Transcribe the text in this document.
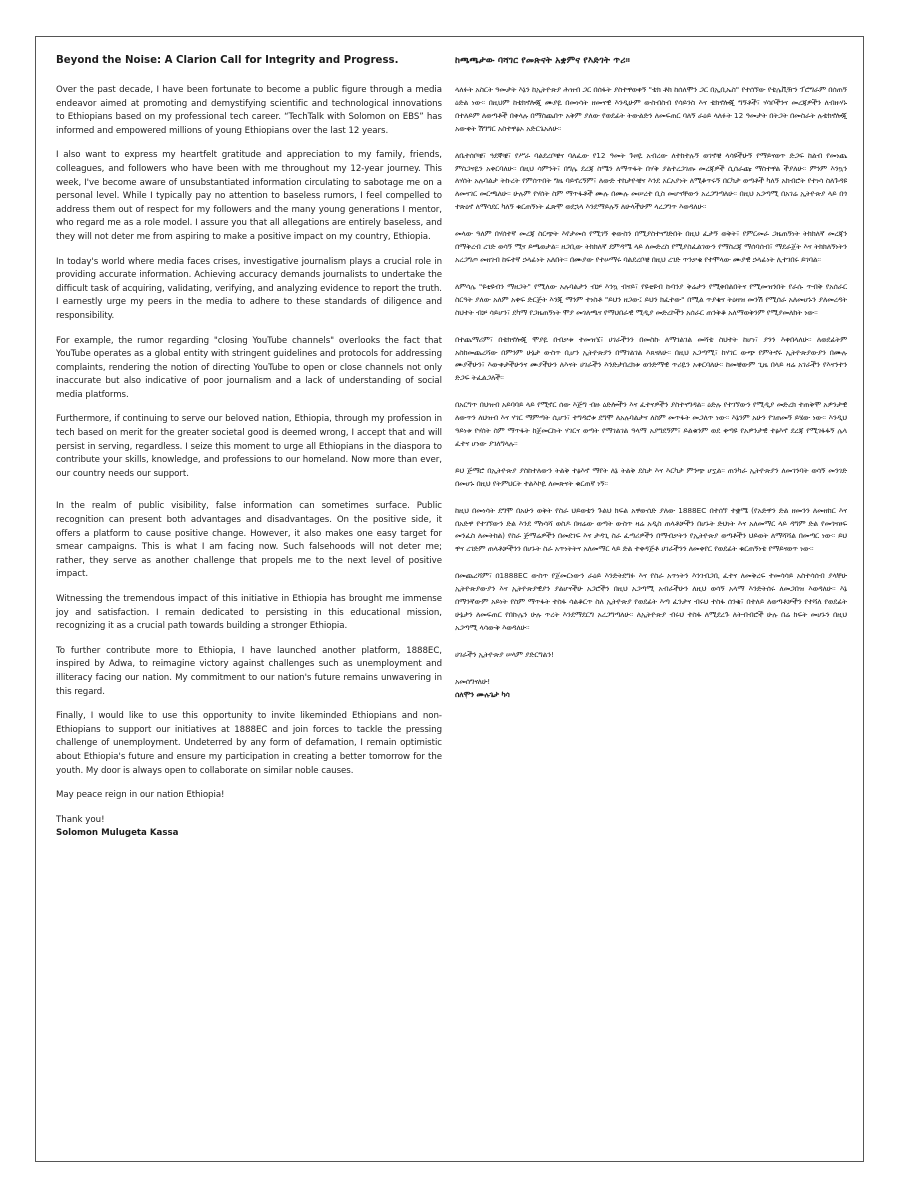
Beyond the Noise: A Clarion Call for Integrity and Progress.

Over the past decade, I have been fortunate to become a public figure through a media endeavor aimed at promoting and demystifying scientific and technological innovations to Ethiopians based on my professional tech career. “TechTalk with Solomon on EBS” has informed and empowered millions of young Ethiopians over the last 12 years.

I also want to express my heartfelt gratitude and appreciation to my family, friends, colleagues, and followers who have been with me throughout my 12-year journey. This week, I've become aware of unsubstantiated information circulating to sabotage me on a personal level. While I typically pay no attention to baseless rumors, I feel compelled to address them out of respect for my followers and the many young generations I mentor, who regard me as a role model. I assure you that all allegations are entirely baseless, and they will not deter me from aspiring to make a positive impact on my country, Ethiopia.

In today's world where media faces crises, investigative journalism plays a crucial role in providing accurate information. Achieving accuracy demands journalists to undertake the difficult task of acquiring, validating, verifying, and analyzing evidence to report the truth. I earnestly urge my peers in the media to adhere to these standards of diligence and responsibility.

For example, the rumor regarding "closing YouTube channels" overlooks the fact that YouTube operates as a global entity with stringent guidelines and protocols for addressing complaints, rendering the notion of directing YouTube to open or close channels not only inaccurate but also indicative of poor journalism and a lack of understanding of social media platforms.

Furthermore, if continuing to serve our beloved nation, Ethiopia, through my profession in tech based on merit for the greater societal good is deemed wrong, I accept that and will persist in serving, regardless. I seize this moment to urge all Ethiopians in the diaspora to contribute your skills, knowledge, and professions to our homeland. Now more than ever, our country needs our support.

In the realm of public visibility, false information can sometimes surface. Public recognition can present both advantages and disadvantages. On the positive side, it offers a platform to cause positive change. However, it also makes one easy target for smear campaigns. This is what I am facing now. Such falsehoods will not deter me; rather, they serve as another challenge that propels me to the next level of positive impact.

Witnessing the tremendous impact of this initiative in Ethiopia has brought me immense joy and satisfaction. I remain dedicated to persisting in this educational mission, recognizing it as a crucial path towards building a stronger Ethiopia.

To further contribute more to Ethiopia, I have launched another platform, 1888EC, inspired by Adwa, to reimagine victory against challenges such as unemployment and illiteracy facing our nation. My commitment to our nation's future remains unwavering in this regard.

Finally, I would like to use this opportunity to invite likeminded Ethiopians and non-Ethiopians to support our initiatives at 1888EC and join forces to tackle the pressing challenge of unemployment. Undeterred by any form of defamation, I remain optimistic about Ethiopia's future and ensure my participation in creating a better tomorrow for the youth. My door is always open to collaborate on similar noble causes.

May peace reign in our nation Ethiopia!

Thank you!

Solomon Mulugeta Kassa

ከጫጫታው ባሻገር የመጽናት አቋምና የእድገት ጥሪ።

ላለፉት አስርት ዓመታት እኔን ከኢትዮጵያ ሕዝብ ጋር በሰፋት ያስተዋወቀኝ "ቴክ ቶክ ከሰለሞን ጋር በኢቢኤስ" የተሰኘው የቴሌቪዥን ፕሮግራም በሰጠኝ ዕድል ነው። በዚህም ከቴክኖሎጂ ሙያዬ በመነሳት ዘመናዊ እንዲሁም ውስብስብ የሳይንስ እና ቴክኖሎጂ ግኝቶች፣ ሃሳቦችንና መረጃዎችን ለብዙሃኑ በተለይም ለወጣቶች በቀላሉ በማስጨበጥ አቅም ያለው የወደፊት ትውልድን ለመፍጠር ባለኝ ራዕይ ላለፉት 12 ዓመታት በትጋት በመስራት ሉቴክኖሎጂ አውቀት ሽግግር አስተዋፅኦ አድርጌአለሁ።

ለቤተሰቦቼ፣ ጓደኞቼ፣ የሥራ ባልደረቦቼና ባለፈው የ12 ዓመት ጉዞዬ አብረው ለተከተሉኝ ወገኖቼ ላሳዩችሁኝ የማይናወጥ ድጋፍ ከልብ የመነጨ ምስጋናዬን አቀርባለሁ። በዚህ ሳምንት፣ በግሌ ደረጃ ስሜን ለማጥፋት በሃቅ ያልተረጋገጡ መረጃዎች ሲሰራጩ ማስተዋል ችያለሁ። ምንም እንኳን ለሃሰት አሉባልታ ትኩረት የምሰጥበት ግዜ ባይኖረኝም፣ ለውድ ተከታዮቼና እንደ አርአያነት ለሚቆጥሩኝ በርካታ ወጣቶች ካለኝ አክብሮት የተነሳ ስለጉዳዩ ለመናገር መርጫለሁ። ሁሉም የሃሰት ስም ማጥፋቶች ሙሉ በሙሉ መሠረተ ቢስ መሆናቸውን አረጋግጣለሁ። በዚህ አጋጣሚ በአገሬ ኢትዮጵያ ላይ በጎ ተጽዕኖ ለማሳደር ካለኝ ቁርጠኝነት ፈጽሞ ወደኋላ እንደማይሉኝ ለሁላችሁም ላረጋግጥ እወዳለሁ።

መላው ዓለም በሃሰተኛ መረጃ ስርጭት እየታመሰ የሚገኝ ቀውስን በሚያስተናግድበት በዚህ ፈታኝ ወቅት፣ የምርመራ ጋዜጠኝነት ትክክለኛ መረጃን በማቅረብ ረገድ ወሳኝ ሚና ይጫወታል። ዘጋቢው ትክክለኛ ደምዳሜ ላይ ለመድረስ የሚያስፈልገውን የማስረጃ ማሰባሰብ፣ ማደራጀት እና ትክክለኝነትን አረጋግጦ መዘገብ ከፍተኛ ኃላፊነት አለበት። በሙያው የተሠማሩ ባልደረቦቼ በዚህ ረገድ ጥንቃቄ የተሞላው ሙያዊ ኃላፊነት ሊተገበሩ ይገባል።

ለምሳሌ "ዩቲዩብን ማዘጋት" የሚለው አሉባልታን ብቻ እንኳ ብናይ፣ የዩቲዩብ ኩባንያ ቅሬታን የሚቀበልበትና የሚመዝንበት የራሱ ጥብቅ የአሰራር ስርዓት ያለው አለም አቀፍ ድርጅት እንጂ ማንም ተነስቶ "ይህን ዘጋው፤ ይህን ክፈተው" በሚል ጥያቄና ትዕዛዝ መንሽ የሚሰራ አለመሆኑን ያለመረዳት ስህተት ብቻ ሳይሆን፣ ደካማ የጋዜጠኝነት ሞያ መገለጫና የማህበራዊ ሚዲያ መድረኮችን አሰራር ጠንቅቆ አለማወቅንም የሚያመለክት ነው።

በተጨማሪም፣ በቴክኖሎጂ ሞያዬ በብቃቱ ተመዝኜ፣ ሀገራችንን በመስኩ ለማገልገል መሻቴ ስህተት ከሆነ፣ ያንን እቀበላለሁ። ለወደፊትም አስከመጨረሻው በምንም ሁኔታ ውስጥ ቢሆን ኢትዮጵያን በማገልገል እጸናለሁ። በዚህ አጋጣሚ፣ ከሃገር ውጭ የምትኖሩ ኢትዮጵያውያን በሙሉ ሙያችሁን፣ እውቀታችሁንና ሙያችሁን ለእናት ሀገራችን እንድታበረክቱ ወንድማዊ ጥሪዬን አቀርባለሁ። ከመቼውም ጊዜ በላይ ዛሬ አገራችን የእናንተን ድጋፍ ትፈልጋለች።

በአርግጥ በህዝብ አይባባይ ላይ የሚኖር ሰው እጅግ ብዙ ዕድሎችን እና ፈተናዎችን ያስተናግዳል። ዕድሉ የተገኘውን የሚዲያ መድረክ ተጠቅሞ አዎንታዊ ለውጥን ለህዝብ እና ሃገር ማምጣት ሲሆን፣ ተግዳሮቱ ደግሞ ለአሉባልታና ለስም መጥፋት መጋለጥ ነው። እኔንም አሁን የገጠመኝ ይሄው ነው። እንዲህ ዓይነቱ የሃሰት ስም ማጥፋት ከጀመርኩት ሃገርና ወጣት የማገልገል ዓላማ አያግደኝም፣ ይልቁንም ወደ ቀጣዩ የአዎንታዊ ተፅእኖ ደረጃ የሚገፋፋኝ ሌላ ፈተና ሆነው ያገለግላሉ።

ይህ ጅማሮ በኢትዮጵያ ያስከተለውን ትልቅ ተፅእኖ ማየት ለኔ ትልቅ ደስታ እና እርካታ ምንጭ ሆኗል። ጠንካራ ኢትዮጵያን ለመገንባት ወሳኝ መንገድ በመሆኑ በዚህ የትምህርት ተልእኮዬ ለመጽናት ቁርጠኛ ነኝ።

ከዚህ በመነሳት ደግሞ በአሁን ወቅት የስራ ህይወቴን ጉልህ ክፍል አዋውሰድ ያለው 1888EC በተሰኘ ተቋሜ (የአድዋን ድል ዘመንን ለመዘከር እና በአድዋ የተገኘውን ድል እንደ ማነሳሻ ወስዶ በዛሬው ወጣት ውስጥ ዛሬ አዲስ ጠላቶቻችን በሆኑት ድህነት እና አለመማር ላይ ዳግም ድል የመጎናፀፍ መንፈስ ለመትከል) የስራ ጅማሬዎችን በመደገፍ እና ታዳጊ ስራ ፈጣሪዎችን በማብቃትን የኢትዮጵያ ወጣቶችን ህይወት ለማሻሻል በመጣር ነው። ይህ ዋና ረገድም ጠላቶቻችንን በሆኑት ስራ አጥነትትና አለመማር ላይ ድል ተቀዳጅቶ ሀገራችንን ለመቀየር የወደፊት ቁርጠኝነቴ የማይናወጥ ነው።

በመጨረሻም፣ በ1888EC ውስጥ የጀመርነውን ራዕይ እንድትደግፉ እና የስራ አጥነትን እንገብጋቢ ፈተና ለመቅረፍ ተመሳሳይ አስተሳሰብ ያላቸሁ ኢትዮጵያውያን እና ኢትዮጵያዊያን ያልሆናችሁ አጋሮችን በዚህ አጋጣሚ አብራችሁን ለዚህ ወሳኝ አላማ እንድትሰሩ ለመጋበዝ እወዳለሁ። እኔ በማንኛውም አይነት የስም ማጥፋት ተስፋ ሳልቆርጥ ስለ ኢትዮጵያ የወደፊት እጣ ፈንታና ብሩህ ተስፋ ሰንቄ፣ በተለይ ለወጣቶቻችን የተሻለ የወደፊት ሁኔታን ለመፍጠር የበኩሌን ሁሉ ጥረት እንደማደርግ አረጋግጣለሁ። ለኢትዮጵያ ብሩህ ተስፋ ለሚደረጉ ለትብብሮች ሁሉ በሬ ክፍት መሆኑን በዚህ አጋጣሚ ላሳውቅ እወዳለሁ።

ሀገራችን ኢትዮጵያ ሠላም ያድርግልን!

አመሰግናለሁ!

ሰለሞን ሙሉጌታ ካሳ
